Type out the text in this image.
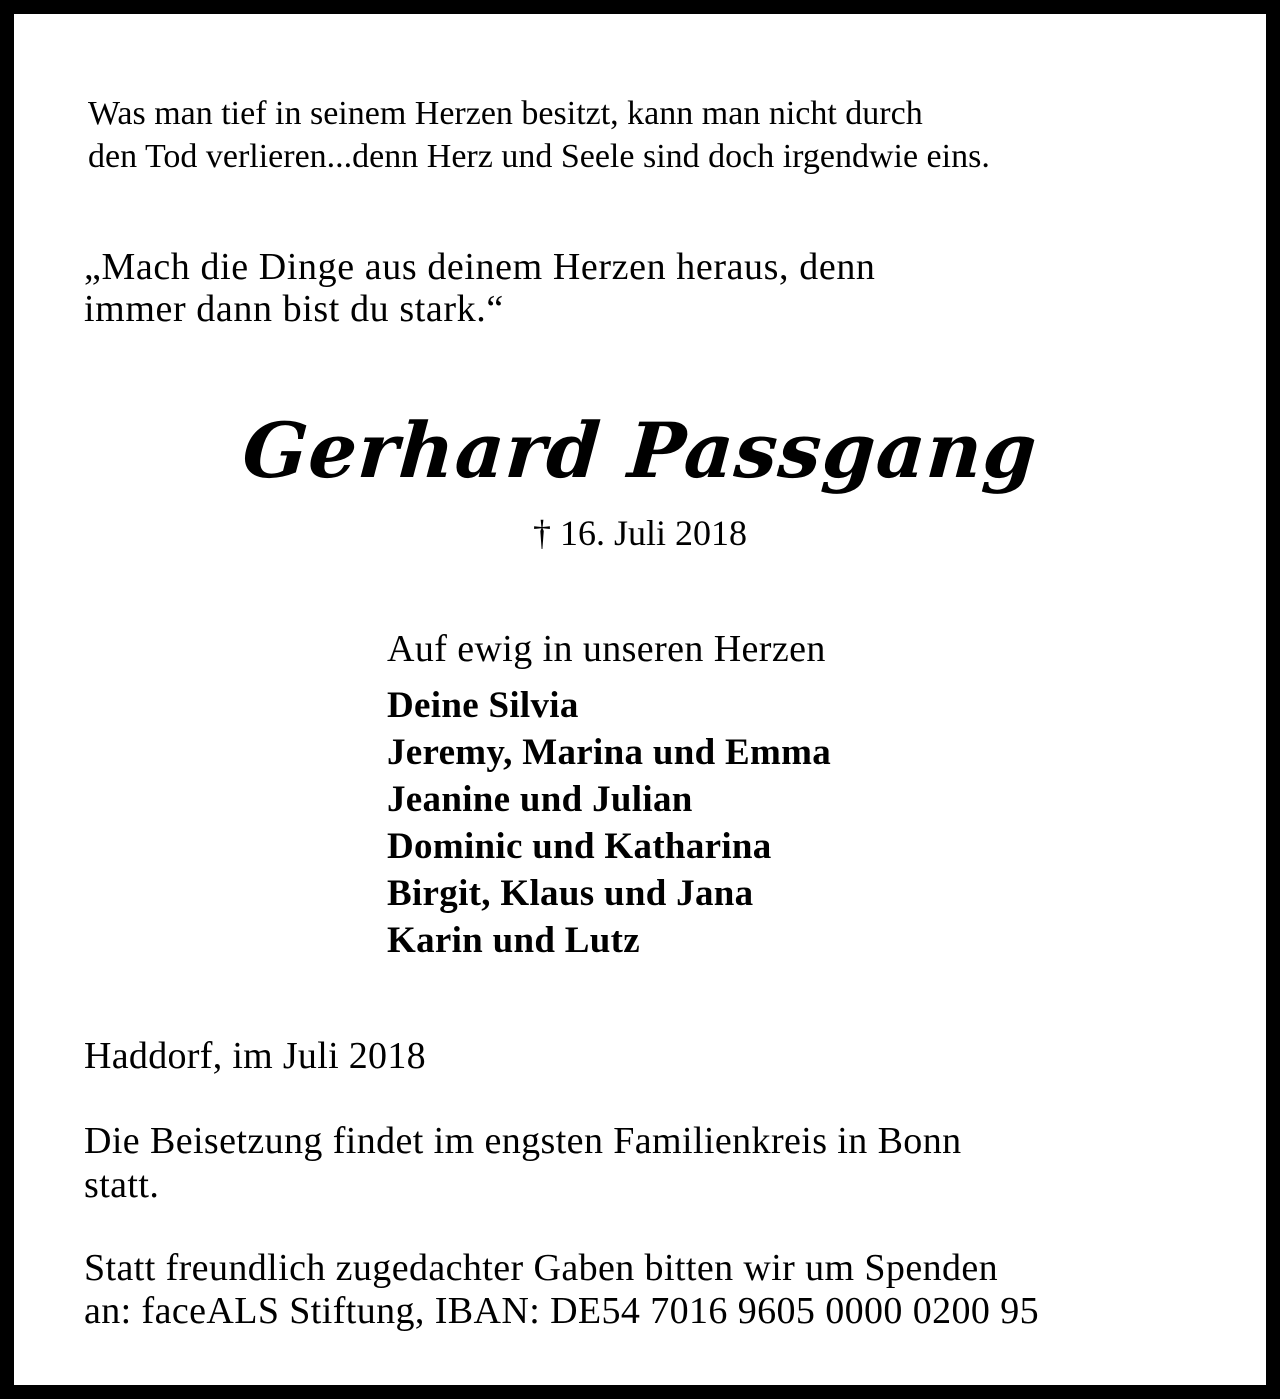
Was man tief in seinem Herzen besitzt, kann man nicht durch
den Tod verlieren...denn Herz und Seele sind doch irgendwie eins.

„Mach die Dinge aus deinem Herzen heraus, denn
immer dann bist du stark.“

Gerhard Passgang

† 16. Juli 2018

Auf ewig in unseren Herzen

Deine Silvia
Jeremy, Marina und Emma
Jeanine und Julian
Dominic und Katharina
Birgit, Klaus und Jana
Karin und Lutz

Haddorf, im Juli 2018

Die Beisetzung findet im engsten Familienkreis in Bonn
statt.

Statt freundlich zugedachter Gaben bitten wir um Spenden
an: faceALS Stiftung, IBAN: DE54 7016 9605 0000 0200 95
